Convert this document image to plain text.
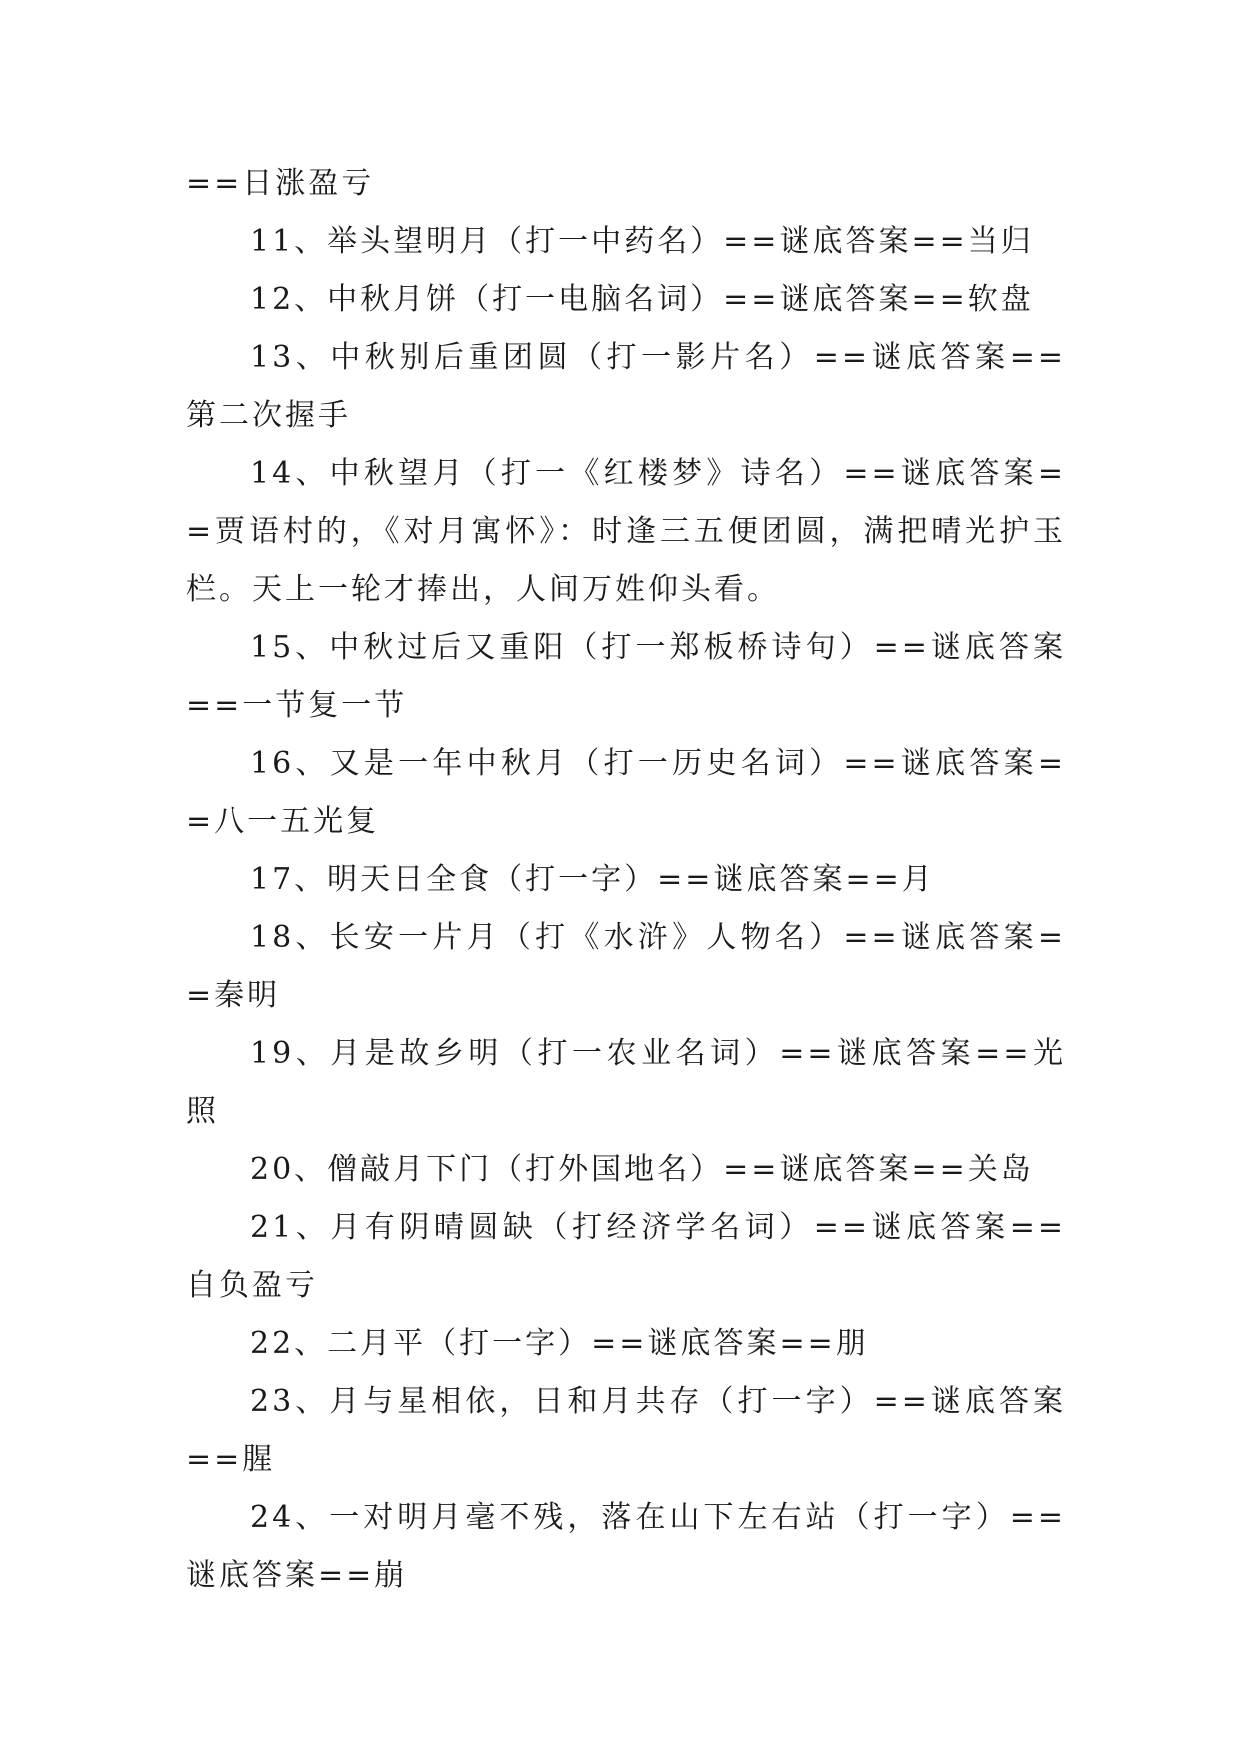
==日涨盈亏

11、举头望明月（打一中药名）==谜底答案==当归

12、中秋月饼（打一电脑名词）==谜底答案==软盘

13、中秋别后重团圆（打一影片名）==谜底答案==第二次握手

14、中秋望月（打一《红楼梦》诗名）==谜底答案==贾语村的，《对月寓怀》：时逢三五便团圆，满把晴光护玉栏。天上一轮才捧出，人间万姓仰头看。

15、中秋过后又重阳（打一郑板桥诗句）==谜底答案==一节复一节

16、又是一年中秋月（打一历史名词）==谜底答案==八一五光复

17、明天日全食（打一字）==谜底答案==月

18、长安一片月（打《水浒》人物名）==谜底答案==秦明

19、月是故乡明（打一农业名词）==谜底答案==光照

20、僧敲月下门（打外国地名）==谜底答案==关岛

21、月有阴晴圆缺（打经济学名词）==谜底答案==自负盈亏

22、二月平（打一字）==谜底答案==朋

23、月与星相依，日和月共存（打一字）==谜底答案==腥

24、一对明月毫不残，落在山下左右站（打一字）==谜底答案==崩
